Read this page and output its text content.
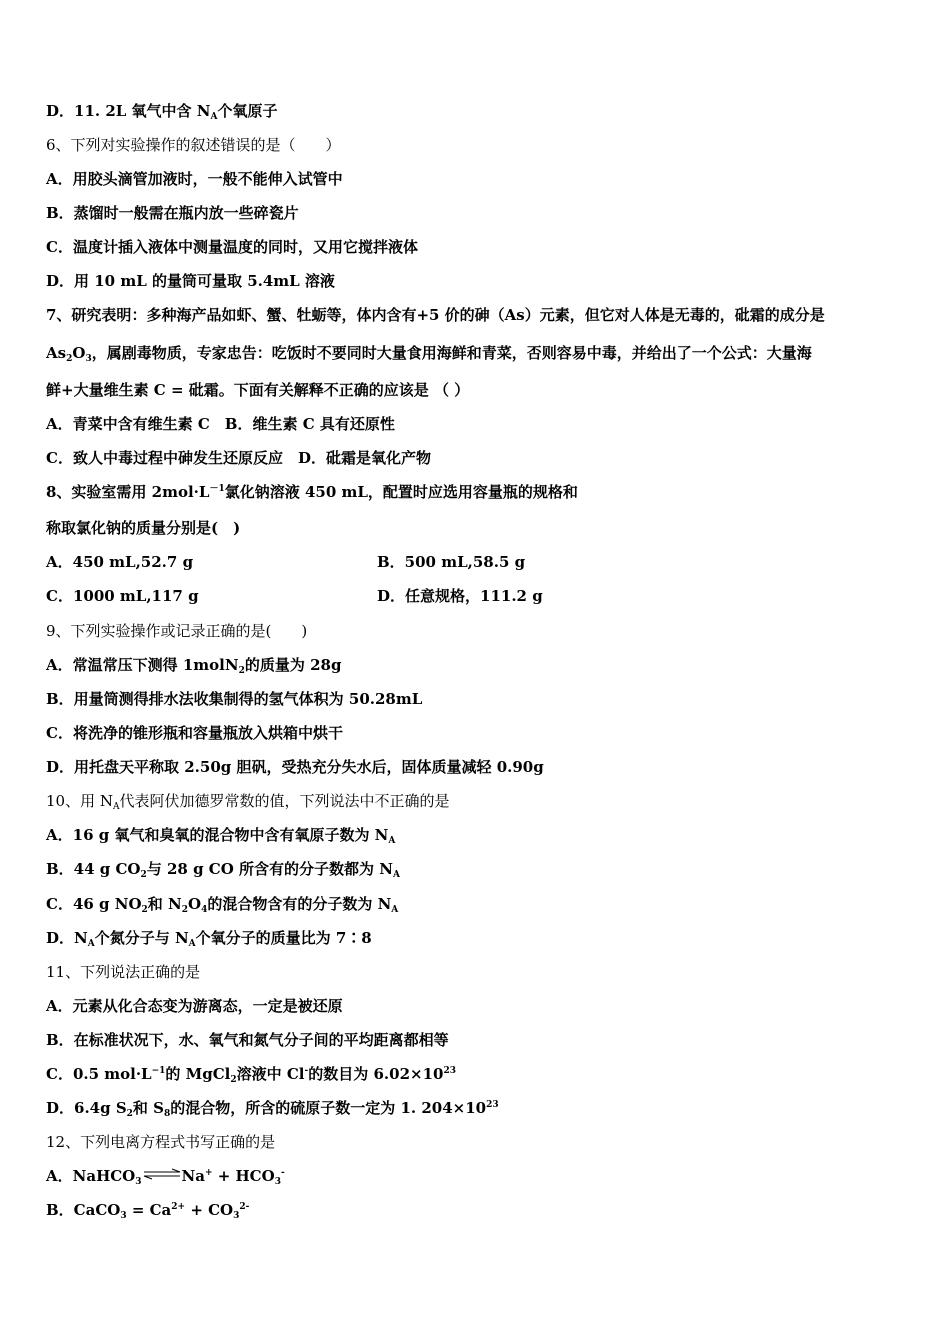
D．11. 2L 氧气中含 $N_A$个氧原子
6、下列对实验操作的叙述错误的是（　　）
A．用胶头滴管加液时，一般不能伸入试管中
B．蒸馏时一般需在瓶内放一些碎瓷片
C．温度计插入液体中测量温度的同时，又用它搅拌液体
D．用 10 mL 的量筒可量取 5.4mL 溶液
7、研究表明：多种海产品如虾、蟹、牡蛎等，体内含有+5 价的砷（As）元素，但它对人体是无毒的，砒霜的成分是
$As_2O_3$，属剧毒物质，专家忠告：吃饭时不要同时大量食用海鲜和青菜，否则容易中毒，并给出了一个公式：大量海
鲜+大量维生素 C = 砒霜。下面有关解释不正确的应该是 （ ）
A．青菜中含有维生素 C　B．维生素 C 具有还原性
C．致人中毒过程中砷发生还原反应　D．砒霜是氧化产物
8、实验室需用 $2mol\cdot L^{-1}$氯化钠溶液 450 mL，配置时应选用容量瓶的规格和
称取氯化钠的质量分别是(　)
A．450 mL,52.7 g	B．500 mL,58.5 g
C．1000 mL,117 g	D．任意规格，111.2 g
9、下列实验操作或记录正确的是(　　)
A．常温常压下测得 1molN$_2$的质量为 28g
B．用量筒测得排水法收集制得的氢气体积为 50.28mL
C．将洗净的锥形瓶和容量瓶放入烘箱中烘干
D．用托盘天平称取 2.50g 胆矾，受热充分失水后，固体质量减轻 0.90g
10、用 $N_A$代表阿伏加德罗常数的值，下列说法中不正确的是
A．16 g 氧气和臭氧的混合物中含有氧原子数为 $N_A$
B．44 g $CO_2$与 28 g CO 所含有的分子数都为 $N_A$
C．46 g $NO_2$和 $N_2O_4$的混合物含有的分子数为 $N_A$
D．$N_A$个氮分子与 $N_A$个氧分子的质量比为 7∶8
11、下列说法正确的是
A．元素从化合态变为游离态，一定是被还原
B．在标准状况下，水、氧气和氮气分子间的平均距离都相等
C．0.5 $mol\cdot L^{-1}$的 MgCl$_2$溶液中 Cl-的数目为 $6.02\times 10^{23}$
D．6.4g $S_2$和 $S_8$的混合物，所含的硫原子数一定为 1. $204\times 10^{23}$
12、下列电离方程式书写正确的是
A．NaHCO$_3$ ⇌Na+ + $HCO_3^-$
B．CaCO$_3$ = $Ca^{2+} + CO_3^{2-}$
